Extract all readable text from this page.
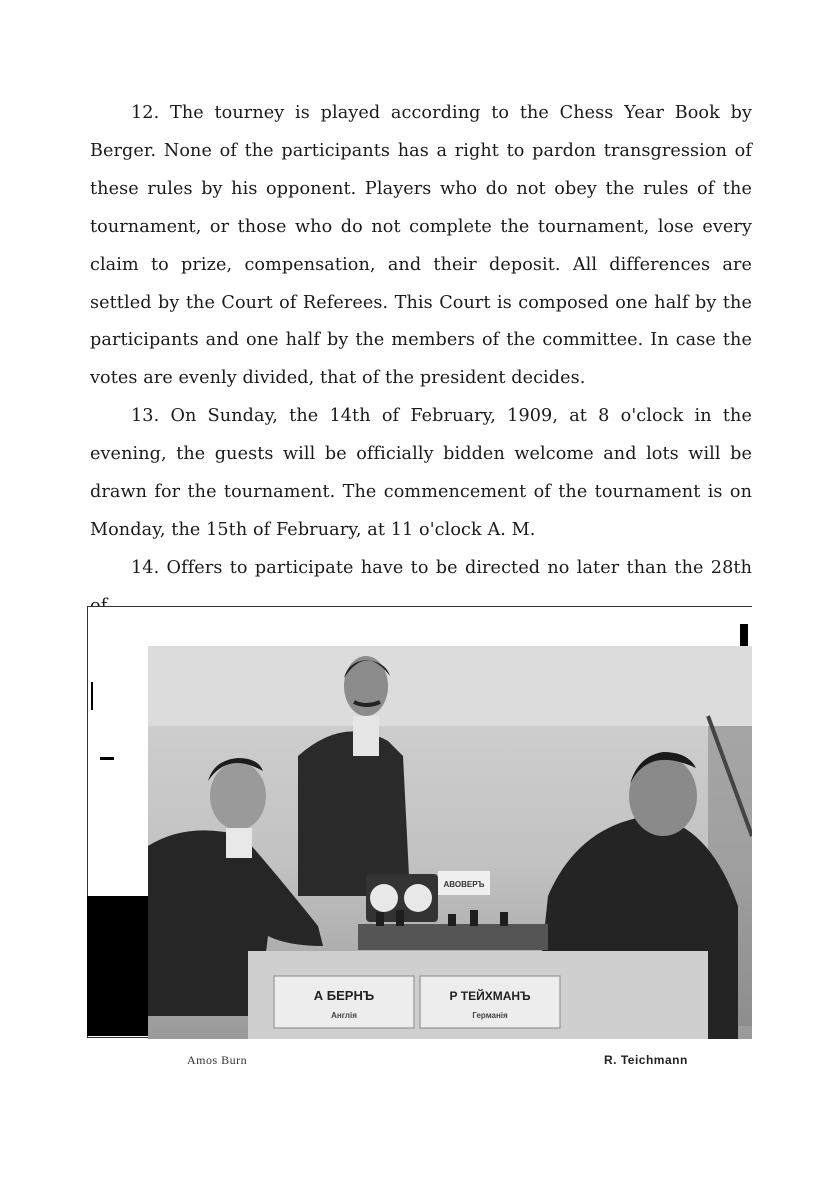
12. The tourney is played according to the Chess Year Book by Berger. None of the participants has a right to pardon transgression of these rules by his opponent. Players who do not obey the rules of the tournament, or those who do not complete the tournament, lose every claim to prize, compensation, and their deposit. All differences are settled by the Court of Referees. This Court is composed one half by the participants and one half by the members of the committee. In case the votes are evenly divided, that of the president decides.

13. On Sunday, the 14th of February, 1909, at 8 o'clock in the evening, the guests will be officially bidden welcome and lots will be drawn for the tournament. The commencement of the tournament is on Monday, the 15th of February, at 11 o'clock A. M.

14. Offers to participate have to be directed no later than the 28th

АВОВЕРЪ
А БЕРНЪ
Англія
Р ТЕЙХМАНЪ
Германія
Amos Burn	R. Teichmann
